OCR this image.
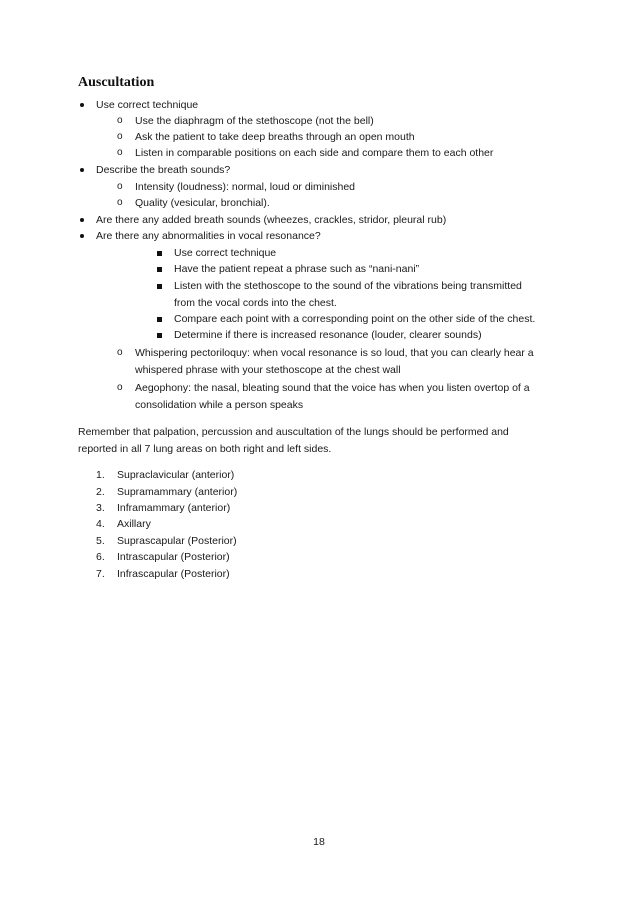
Auscultation
Use correct technique
o Use the diaphragm of the stethoscope (not the bell)
o Ask the patient to take deep breaths through an open mouth
o Listen in comparable positions on each side and compare them to each other
Describe the breath sounds?
o Intensity (loudness): normal, loud or diminished
o Quality (vesicular, bronchial).
Are there any added breath sounds (wheezes, crackles, stridor, pleural rub)
Are there any abnormalities in vocal resonance?
Use correct technique
Have the patient repeat a phrase such as “nani-nani”
Listen with the stethoscope to the sound of the vibrations being transmitted
from the vocal cords into the chest.
Compare each point with a corresponding point on the other side of the chest.
Determine if there is increased resonance (louder, clearer sounds)
o Whispering pectoriloquy: when vocal resonance is so loud, that you can clearly hear a
whispered phrase with your stethoscope at the chest wall
o Aegophony: the nasal, bleating sound that the voice has when you listen overtop of a
consolidation while a person speaks
Remember that palpation, percussion and auscultation of the lungs should be performed and
reported in all 7 lung areas on both right and left sides.
1. Supraclavicular (anterior)
2. Supramammary (anterior)
3. Inframammary (anterior)
4. Axillary
5. Suprascapular (Posterior)
6. Intrascapular (Posterior)
7. Infrascapular (Posterior)
18
